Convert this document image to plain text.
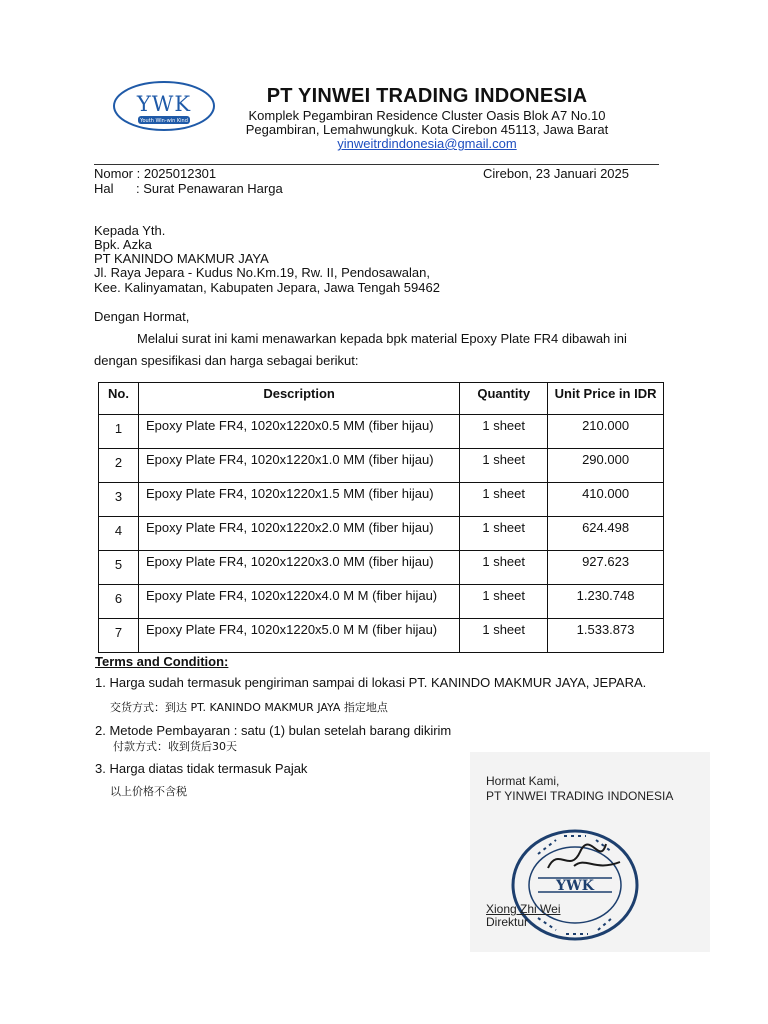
YWK
Youth Win-win Kind
PT YINWEI TRADING INDONESIA
Komplek Pegambiran Residence Cluster Oasis Blok A7 No.10
Pegambiran, Lemahwungkuk. Kota Cirebon 45113, Jawa Barat
yinweitrdindonesia@gmail.com
Nomor : 2025012301	Cirebon, 23 Januari 2025
Hal : Surat Penawaran Harga
Kepada Yth.
Bpk. Azka
PT KANINDO MAKMUR JAYA
Jl. Raya Jepara - Kudus No.Km.19, Rw. II, Pendosawalan,
Kee. Kalinyamatan, Kabupaten Jepara, Jawa Tengah 59462
Dengan Hormat,
Melalui surat ini kami menawarkan kepada bpk material Epoxy Plate FR4 dibawah ini
dengan spesifikasi dan harga sebagai berikut:
No.	Description	Quantity	Unit Price in IDR
1	Epoxy Plate FR4, 1020x1220x0.5 MM (fiber hijau)	1 sheet	210.000
2	Epoxy Plate FR4, 1020x1220x1.0 MM (fiber hijau)	1 sheet	290.000
3	Epoxy Plate FR4, 1020x1220x1.5 MM (fiber hijau)	1 sheet	410.000
4	Epoxy Plate FR4, 1020x1220x2.0 MM (fiber hijau)	1 sheet	624.498
5	Epoxy Plate FR4, 1020x1220x3.0 MM (fiber hijau)	1 sheet	927.623
6	Epoxy Plate FR4, 1020x1220x4.0 M M (fiber hijau)	1 sheet	1.230.748
7	Epoxy Plate FR4, 1020x1220x5.0 M M (fiber hijau)	1 sheet	1.533.873
Terms and Condition:
1. Harga sudah termasuk pengiriman sampai di lokasi PT. KANINDO MAKMUR JAYA, JEPARA.
交货方式：到达 PT. KANINDO MAKMUR JAYA 指定地点
2. Metode Pembayaran : satu (1) bulan setelah barang dikirim
付款方式：收到货后30天
3. Harga diatas tidak termasuk Pajak
以上价格不含税
Hormat Kami,
PT YINWEI TRADING INDONESIA
YWK
Xiong Zhi Wei
Direktur
